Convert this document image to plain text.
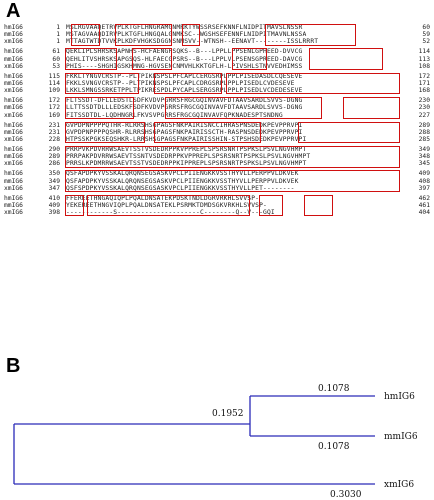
A
hmIG6	1 MSLRGVAAQETRVPLKTGFLHNGRAMGNMRKTYWSSRSEFKNNFLNIDPITMAVSLNSSR	60
mmIG6	1 MSTAGVAAQDIRVPLKTGFLHNGQALGNMKSC--WGSHSEFENNFLNIDPITMAVNLNSSA	59
xmIG6	1 MTTAGTWTDTVVKPLKDFVHGKSDGGNSNMSVV--WTNSH--EENAVT--------ISSLRRRT	52
hmIG6	61 QEKLIPLSHRSKSAPNHS-HCFAENGPSQKS--B---LPPLLPPSENLGPHEED-DVVCG	114
mmIG6	60 QEHLITVSHRSKSAPGSQS-HLFAECGPSRS--B---LPPLVLPSENSGPREED-DAVCG	113
xmIG6	53 PHIS----SHGHIGSKHMNG-HGVSENCNMVHLKKTGFLH-LPIVSHLSTNVVEDHIMSS	108
hmIG6	115 FKKLTYNGVCRSTP--PLTPIKNSPSLPFCAPLCERGSRPLPPLPISEDASDLCQESEVE	172
mmIG6	114 FKKLSVNGVCRSTP--PLTPIKNSPSLPFCAPLCDRGSRPLPPLPISEDLCVDESEVE	171
xmIG6	109 LKKLSMNGSSRKETPPLTPIKRESPDLPYCAPLSERGSRPLPPLPISEDLVCDEDESEVE	168
hmIG6	172 FLTSSDT-DFLLEDSTLSDFKVDVPGRRSFRGCGQINVAVFDTAAVSARDLSVVS-DGNG	230
mmIG6	172 LLTTSSDTDLLLEDSKFSDFKVDVPGRRSFRGCGQINVAVFDTAAVSARDLSVVS-DGNG	230
xmIG6	169 FITSSDTDL-LQDHNGRLFKVSVPGRRSFRGCGQINVAVFQPKNADESPTSNDNG	227
hmIG6	231 GVPDPNPPPPQTHR-RLRRSHSGPAGSFNKPAIRISNCCIHRASPNSDEDKPEVPPRVPI	289
mmIG6	231 GVPDPNPPPPQSHR-RLRRSHSGPAGSFNKPAIRISSCTH-RASPNSDEDKPEVPPRVPI	288
xmIG6	228 HTPSSKPGKSEQSHKR-LRRSHSGPAGSFNKPAIRISSHIN-STPSHSDEDKPEVPPRVPI	285
hmIG6	290 PRRPVKPDVRRWSAEVTSSTVSDEDRPPKVPPREPLSPSRSNRTPSPKSLPSVLNGVHMPT	349
mmIG6	289 PRRPAKPDVRRWSAEVTSSNTVSDEDRPPKVPPREPLSPSRSNRTPSPKSLPSVLNGVHMPT	348
xmIG6	286 PRRSLKPDMRRWSAEVTSSTVSDEDRPPKIPPREPLSPSRSNRTPSPKSLPSVLNGVHMPT	345
hmIG6	350 QSFAPDPKYVSSKALQRQNSEGSASKVPCLPIIENGKKVSSTHYVLLPERPPVLDKVEK	409
mmIG6	349 QSFAPDPKYVSSKALQRQNSEGSASKVPCLPIIENGKKVSSTHYVLLPERPPVLDKVEK	408
xmIG6	347 QSFSPDPKYVSSKALQRQNSEGSASKVPCLPIIENGKKVSSTHYVLLPET--------	397
hmIG6	410 FFEREETHNGAQIQPLPQALDNSATEKPDSKTNDLDGRVRKHLSVVSP-	462
mmIG6	409 YEKEREETHNGVIQPLPQALDNSATEKLPSRMKTDMDSGKVRKHLSVVSP-	461
xmIG6	398 ------------S---------------------C--------Q--V---GQI	404
B
hmIG6
mmIG6
xmIG6
0.1078
0.1078
0.3030
0.1952
